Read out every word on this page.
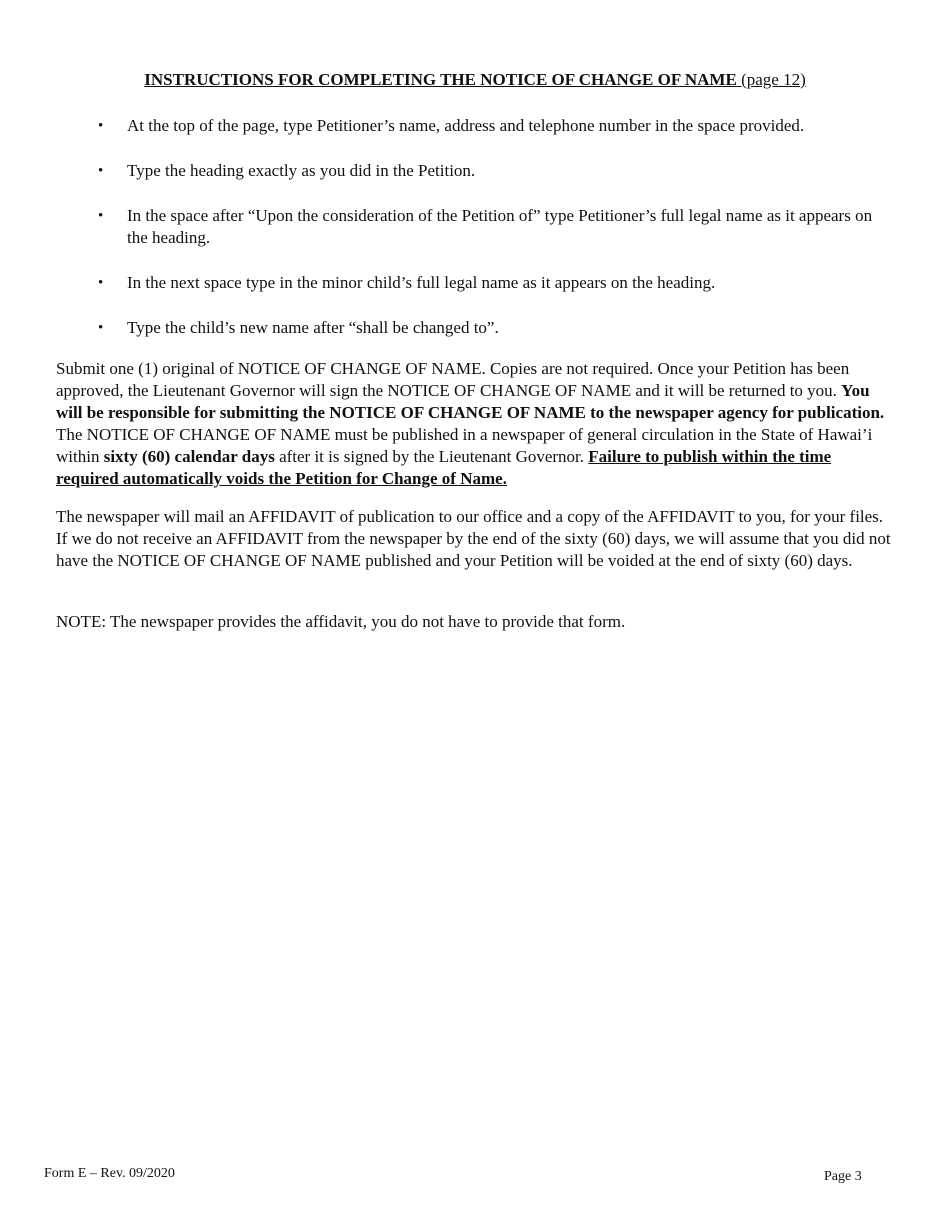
INSTRUCTIONS FOR COMPLETING THE NOTICE OF CHANGE OF NAME (page 12)
• At the top of the page, type Petitioner’s name, address and telephone number in the space provided.
• Type the heading exactly as you did in the Petition.
• In the space after “Upon the consideration of the Petition of” type Petitioner’s full legal name as it appears on the heading.
• In the next space type in the minor child’s full legal name as it appears on the heading.
• Type the child’s new name after “shall be changed to”.

Submit one (1) original of NOTICE OF CHANGE OF NAME. Copies are not required. Once your Petition has been approved, the Lieutenant Governor will sign the NOTICE OF CHANGE OF NAME and it will be returned to you. You will be responsible for submitting the NOTICE OF CHANGE OF NAME to the newspaper agency for publication. The NOTICE OF CHANGE OF NAME must be published in a newspaper of general circulation in the State of Hawai’i within sixty (60) calendar days after it is signed by the Lieutenant Governor. Failure to publish within the time required automatically voids the Petition for Change of Name.

The newspaper will mail an AFFIDAVIT of publication to our office and a copy of the AFFIDAVIT to you, for your files. If we do not receive an AFFIDAVIT from the newspaper by the end of the sixty (60) days, we will assume that you did not have the NOTICE OF CHANGE OF NAME published and your Petition will be voided at the end of sixty (60) days.

NOTE: The newspaper provides the affidavit, you do not have to provide that form.

Form E – Rev. 09/2020	Page 3
